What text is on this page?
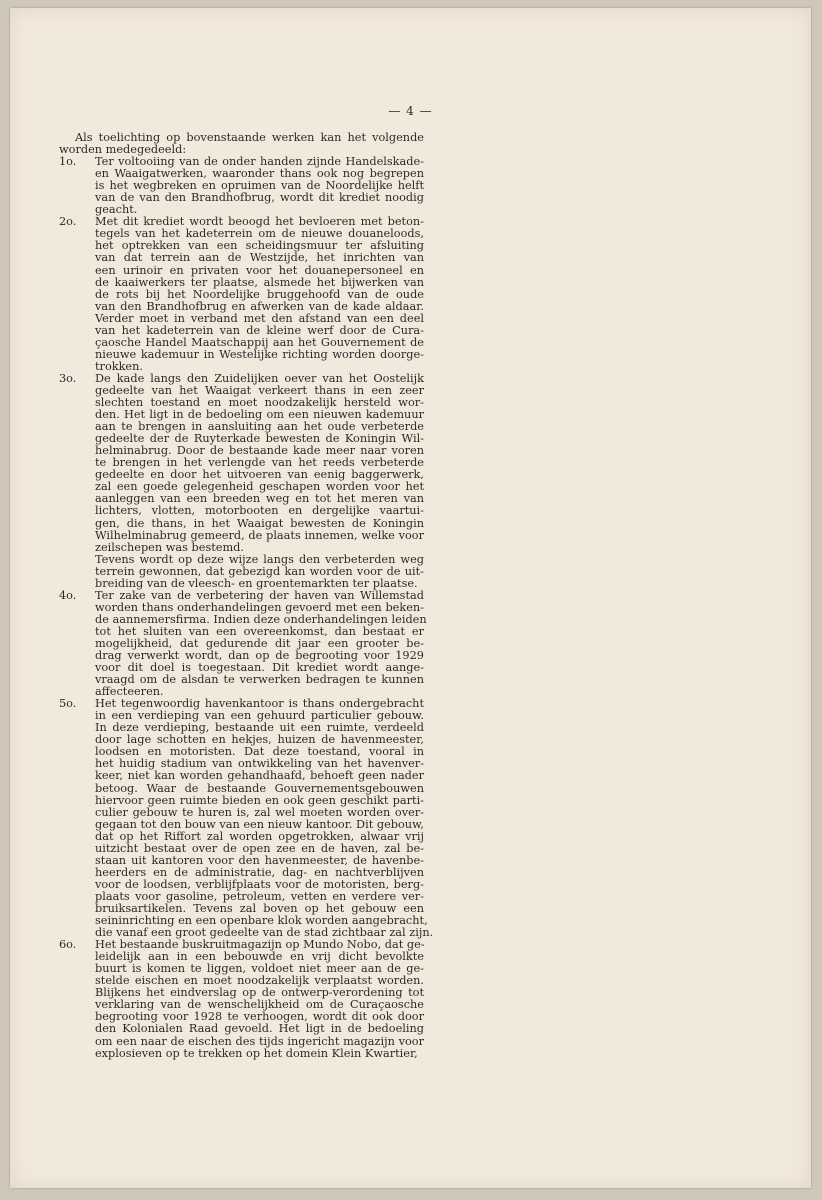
— 4 —
Als toelichting op bovenstaande werken kan het volgende
worden medegedeeld:
1o. Ter voltooiing van de onder handen zijnde Handelskade-
en Waaigatwerken, waaronder thans ook nog begrepen
is het wegbreken en opruimen van de Noordelijke helft
van de van den Brandhofbrug, wordt dit krediet noodig
geacht.

2o. Met dit krediet wordt beoogd het bevloeren met beton-
tegels van het kadeterrein om de nieuwe douaneloods,
het optrekken van een scheidingsmuur ter afsluiting
van dat terrein aan de Westzijde, het inrichten van
een urinoir en privaten voor het douanepersoneel en
de kaaiwerkers ter plaatse, alsmede het bijwerken van
de rots bij het Noordelijke bruggehoofd van de oude
van den Brandhofbrug en afwerken van de kade aldaar.
Verder moet in verband met den afstand van een deel
van het kadeterrein van de kleine werf door de Cura-
çaosche Handel Maatschappij aan het Gouvernement de
nieuwe kademuur in Westelijke richting worden doorge-
trokken.

3o. De kade langs den Zuidelijken oever van het Oostelijk
gedeelte van het Waaigat verkeert thans in een zeer
slechten toestand en moet noodzakelijk hersteld wor-
den. Het ligt in de bedoeling om een nieuwen kademuur
aan te brengen in aansluiting aan het oude verbeterde
gedeelte der de Ruyterkade bewesten de Koningin Wil-
helminabrug. Door de bestaande kade meer naar voren
te brengen in het verlengde van het reeds verbeterde
gedeelte en door het uitvoeren van eenig baggerwerk,
zal een goede gelegenheid geschapen worden voor het
aanleggen van een breeden weg en tot het meren van
lichters, vlotten, motorbooten en dergelijke vaartui-
gen, die thans, in het Waaigat bewesten de Koningin
Wilhelminabrug gemeerd, de plaats innemen, welke voor
zeilschepen was bestemd.
Tevens wordt op deze wijze langs den verbeterden weg
terrein gewonnen, dat gebezigd kan worden voor de uit-
breiding van de vleesch- en groentemarkten ter plaatse.

4o. Ter zake van de verbetering der haven van Willemstad
worden thans onderhandelingen gevoerd met een beken-
de aannemersfirma. Indien deze onderhandelingen leiden
tot het sluiten van een overeenkomst, dan bestaat er
mogelijkheid, dat gedurende dit jaar een grooter be-
drag verwerkt wordt, dan op de begrooting voor 1929
voor dit doel is toegestaan. Dit krediet wordt aange-
vraagd om de alsdan te verwerken bedragen te kunnen
affecteeren.

5o. Het tegenwoordig havenkantoor is thans ondergebracht
in een verdieping van een gehuurd particulier gebouw.
In deze verdieping, bestaande uit een ruimte, verdeeld
door lage schotten en hekjes, huizen de havenmeester,
loodsen en motoristen. Dat deze toestand, vooral in
het huidig stadium van ontwikkeling van het havenver-
keer, niet kan worden gehandhaafd, behoeft geen nader
betoog. Waar de bestaande Gouvernementsgebouwen
hiervoor geen ruimte bieden en ook geen geschikt parti-
culier gebouw te huren is, zal wel moeten worden over-
gegaan tot den bouw van een nieuw kantoor. Dit gebouw,
dat op het Riffort zal worden opgetrokken, alwaar vrij
uitzicht bestaat over de open zee en de haven, zal be-
staan uit kantoren voor den havenmeester, de havenbe-
heerders en de administratie, dag- en nachtverblijven
voor de loodsen, verblijfplaats voor de motoristen, berg-
plaats voor gasoline, petroleum, vetten en verdere ver-
bruiksartikelen. Tevens zal boven op het gebouw een
seininrichting en een openbare klok worden aangebracht,
die vanaf een groot gedeelte van de stad zichtbaar zal zijn.

6o. Het bestaande buskruitmagazijn op Mundo Nobo, dat ge-
leidelijk aan in een bebouwde en vrij dicht bevolkte
buurt is komen te liggen, voldoet niet meer aan de ge-
stelde eischen en moet noodzakelijk verplaatst worden.
Blijkens het eindverslag op de ontwerp-verordening tot
verklaring van de wenschelijkheid om de Curaçaosche
begrooting voor 1928 te verhoogen, wordt dit ook door
den Kolonialen Raad gevoeld. Het ligt in de bedoeling
om een naar de eischen des tijds ingericht magazijn voor
explosieven op te trekken op het domein Klein Kwartier,
